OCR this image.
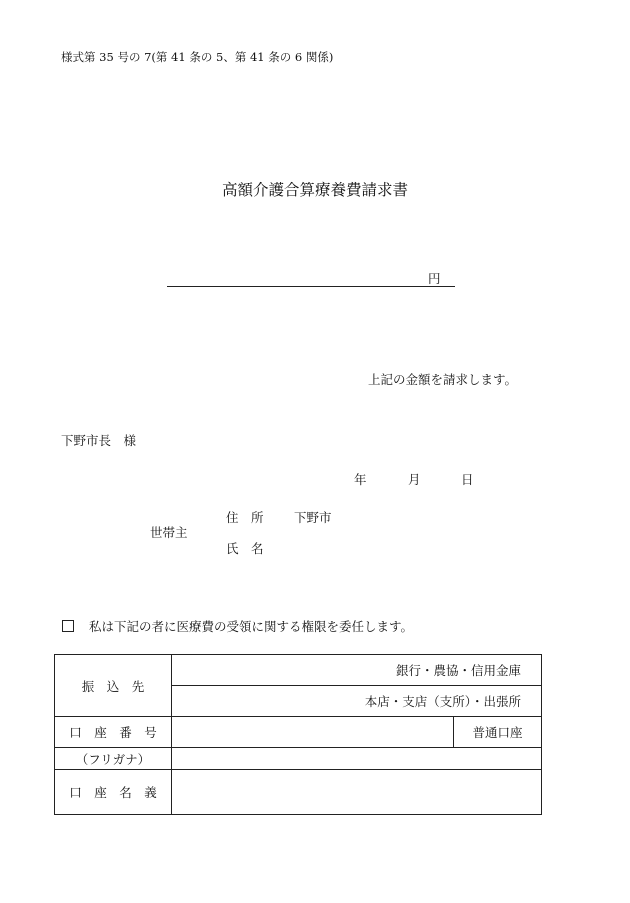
様式第 35 号の 7(第 41 条の 5、第 41 条の 6 関係)
高額介護合算療養費請求書
円
上記の金額を請求します。
下野市長　様
年	月	日
世帯主
住　所 下野市
氏　名
私は下記の者に医療費の受領に関する権限を委任します。
振　込　先	銀行・農協・信用金庫	
	本店・支店（支所）・出張所	
口　座　番　号		普通口座
（フリガナ）		
口　座　名　義		
